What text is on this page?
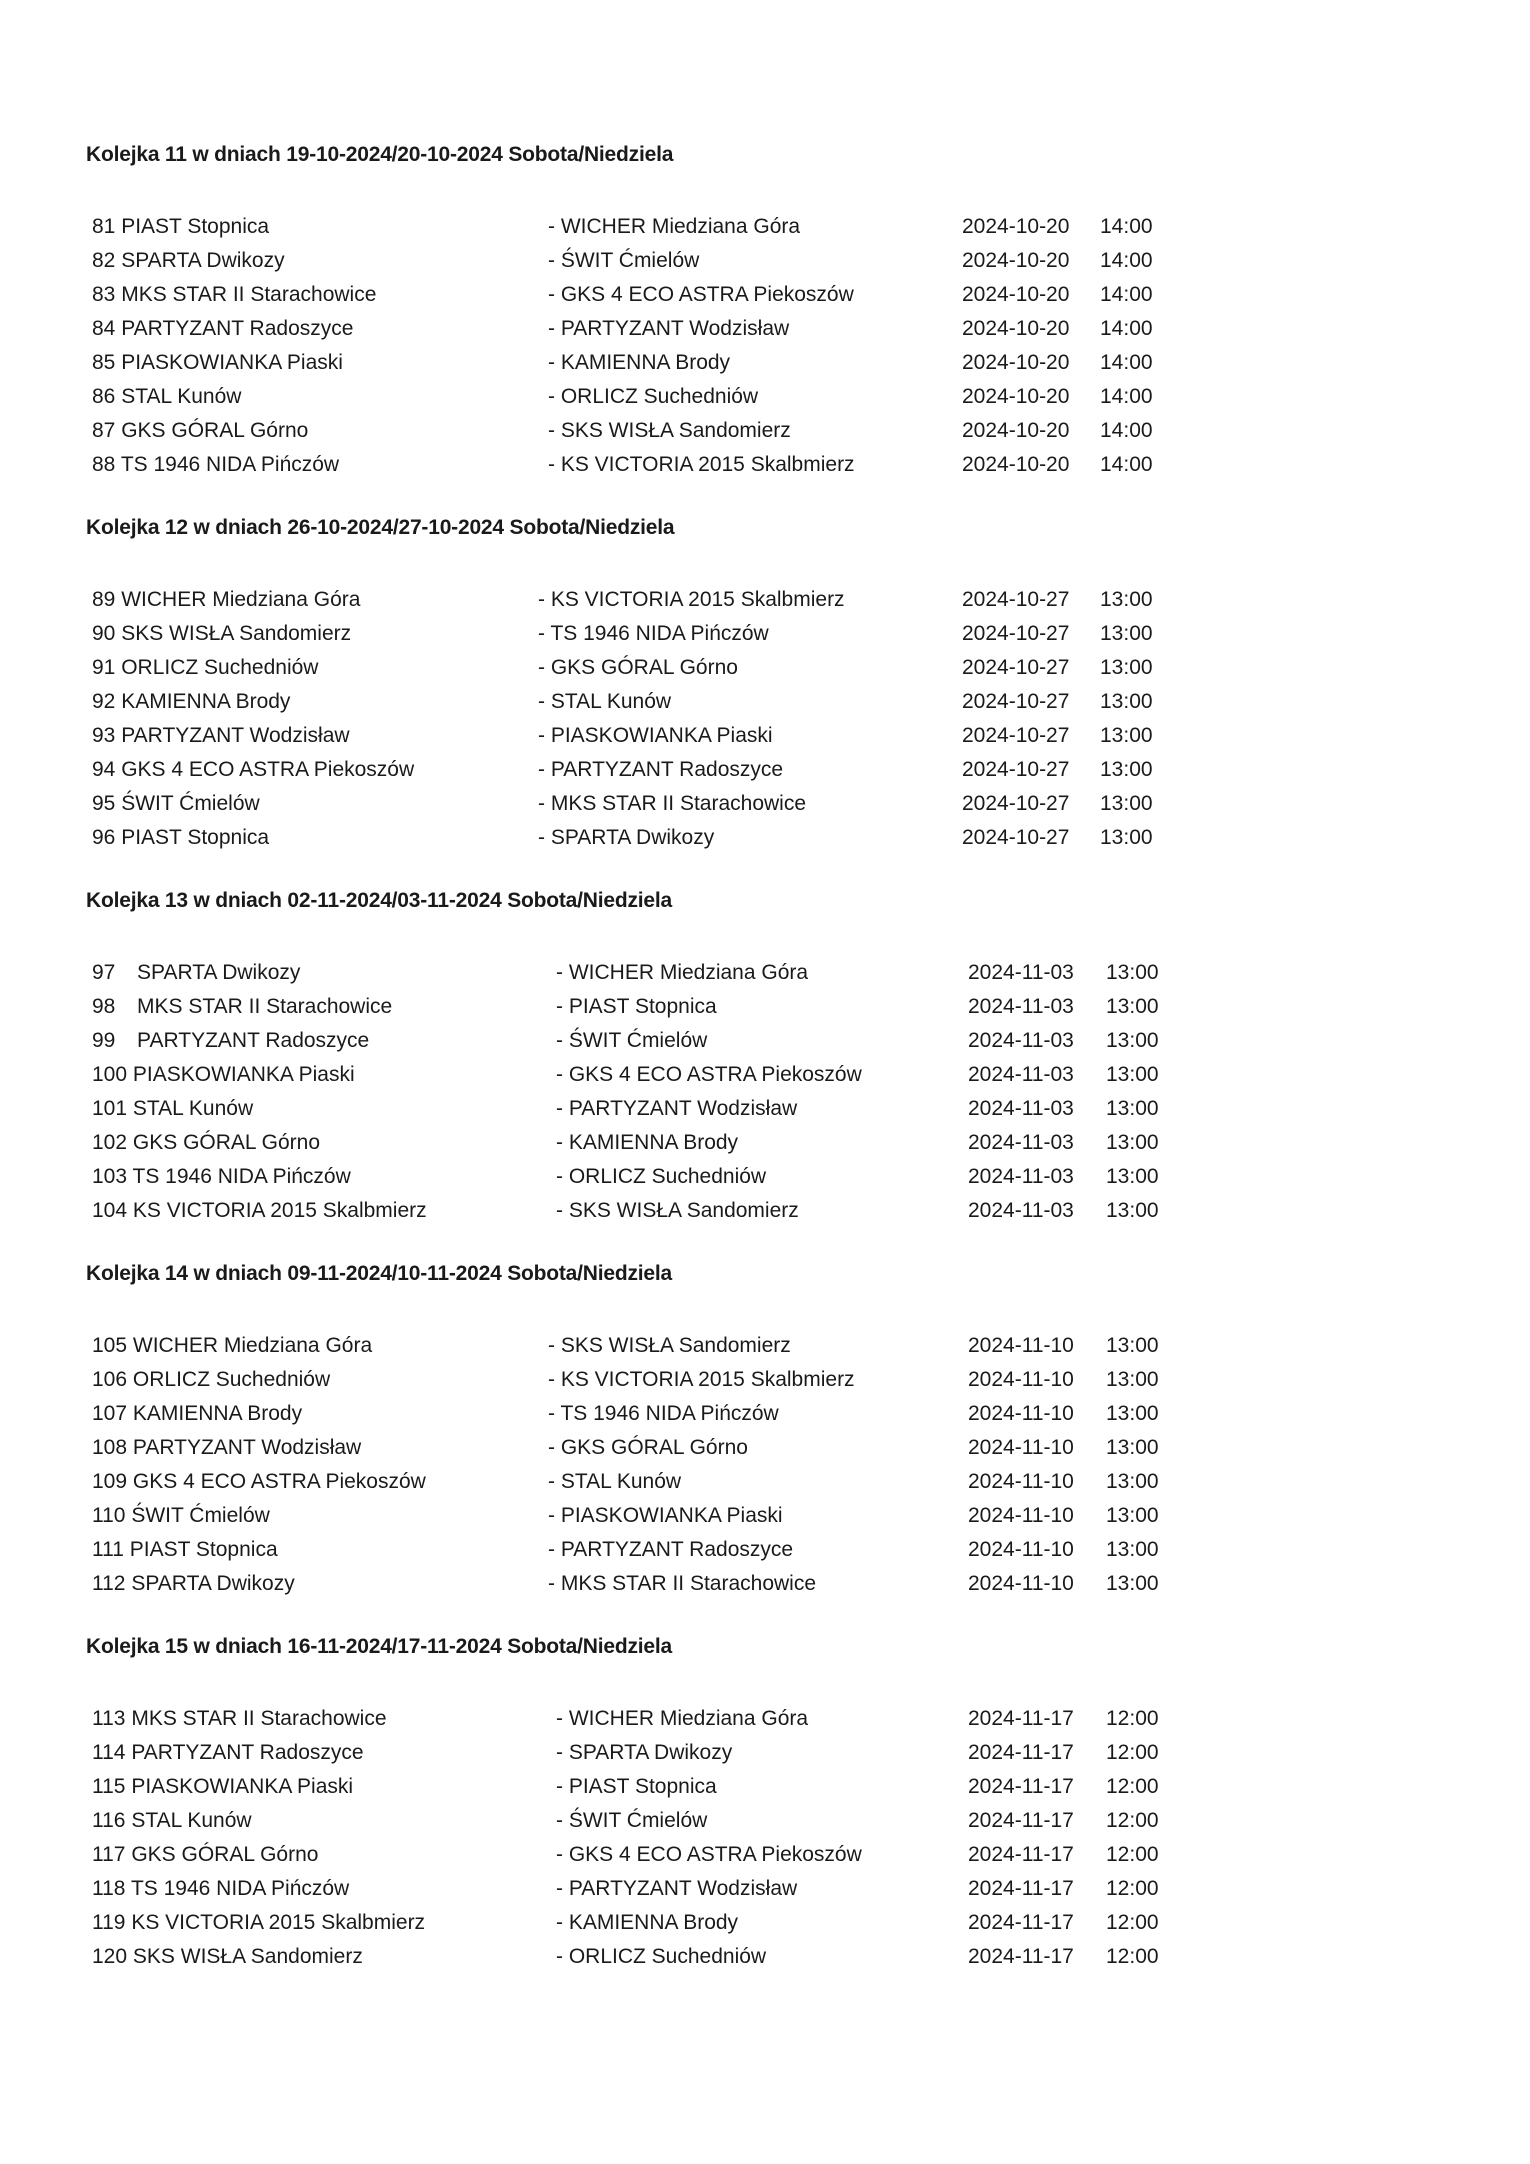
Kolejka 11 w dniach 19-10-2024/20-10-2024 Sobota/Niedziela
81 PIAST Stopnica	- WICHER Miedziana Góra	2024-10-20 14:00
82 SPARTA Dwikozy	- ŚWIT Ćmielów	2024-10-20 14:00
83 MKS STAR II Starachowice	- GKS 4 ECO ASTRA Piekoszów	2024-10-20 14:00
84 PARTYZANT Radoszyce	- PARTYZANT Wodzisław	2024-10-20 14:00
85 PIASKOWIANKA Piaski	- KAMIENNA Brody	2024-10-20 14:00
86 STAL Kunów	- ORLICZ Suchedniów	2024-10-20 14:00
87 GKS GÓRAL Górno	- SKS WISŁA Sandomierz	2024-10-20 14:00
88 TS 1946 NIDA Pińczów	- KS VICTORIA 2015 Skalbmierz	2024-10-20 14:00
Kolejka 12 w dniach 26-10-2024/27-10-2024 Sobota/Niedziela
89 WICHER Miedziana Góra	- KS VICTORIA 2015 Skalbmierz	2024-10-27 13:00
90 SKS WISŁA Sandomierz	- TS 1946 NIDA Pińczów	2024-10-27 13:00
91 ORLICZ Suchedniów	- GKS GÓRAL Górno	2024-10-27 13:00
92 KAMIENNA Brody	- STAL Kunów	2024-10-27 13:00
93 PARTYZANT Wodzisław	- PIASKOWIANKA Piaski	2024-10-27 13:00
94 GKS 4 ECO ASTRA Piekoszów	- PARTYZANT Radoszyce	2024-10-27 13:00
95 ŚWIT Ćmielów	- MKS STAR II Starachowice	2024-10-27 13:00
96 PIAST Stopnica	- SPARTA Dwikozy	2024-10-27 13:00
Kolejka 13 w dniach 02-11-2024/03-11-2024 Sobota/Niedziela
97 SPARTA Dwikozy	- WICHER Miedziana Góra	2024-11-03 13:00
98 MKS STAR II Starachowice	- PIAST Stopnica	2024-11-03 13:00
99 PARTYZANT Radoszyce	- ŚWIT Ćmielów	2024-11-03 13:00
100 PIASKOWIANKA Piaski	- GKS 4 ECO ASTRA Piekoszów	2024-11-03 13:00
101 STAL Kunów	- PARTYZANT Wodzisław	2024-11-03 13:00
102 GKS GÓRAL Górno	- KAMIENNA Brody	2024-11-03 13:00
103 TS 1946 NIDA Pińczów	- ORLICZ Suchedniów	2024-11-03 13:00
104 KS VICTORIA 2015 Skalbmierz	- SKS WISŁA Sandomierz	2024-11-03 13:00
Kolejka 14 w dniach 09-11-2024/10-11-2024 Sobota/Niedziela
105 WICHER Miedziana Góra	- SKS WISŁA Sandomierz	2024-11-10 13:00
106 ORLICZ Suchedniów	- KS VICTORIA 2015 Skalbmierz	2024-11-10 13:00
107 KAMIENNA Brody	- TS 1946 NIDA Pińczów	2024-11-10 13:00
108 PARTYZANT Wodzisław	- GKS GÓRAL Górno	2024-11-10 13:00
109 GKS 4 ECO ASTRA Piekoszów	- STAL Kunów	2024-11-10 13:00
110 ŚWIT Ćmielów	- PIASKOWIANKA Piaski	2024-11-10 13:00
111 PIAST Stopnica	- PARTYZANT Radoszyce	2024-11-10 13:00
112 SPARTA Dwikozy	- MKS STAR II Starachowice	2024-11-10 13:00
Kolejka 15 w dniach 16-11-2024/17-11-2024 Sobota/Niedziela
113 MKS STAR II Starachowice	- WICHER Miedziana Góra	2024-11-17 12:00
114 PARTYZANT Radoszyce	- SPARTA Dwikozy	2024-11-17 12:00
115 PIASKOWIANKA Piaski	- PIAST Stopnica	2024-11-17 12:00
116 STAL Kunów	- ŚWIT Ćmielów	2024-11-17 12:00
117 GKS GÓRAL Górno	- GKS 4 ECO ASTRA Piekoszów	2024-11-17 12:00
118 TS 1946 NIDA Pińczów	- PARTYZANT Wodzisław	2024-11-17 12:00
119 KS VICTORIA 2015 Skalbmierz	- KAMIENNA Brody	2024-11-17 12:00
120 SKS WISŁA Sandomierz	- ORLICZ Suchedniów	2024-11-17 12:00
